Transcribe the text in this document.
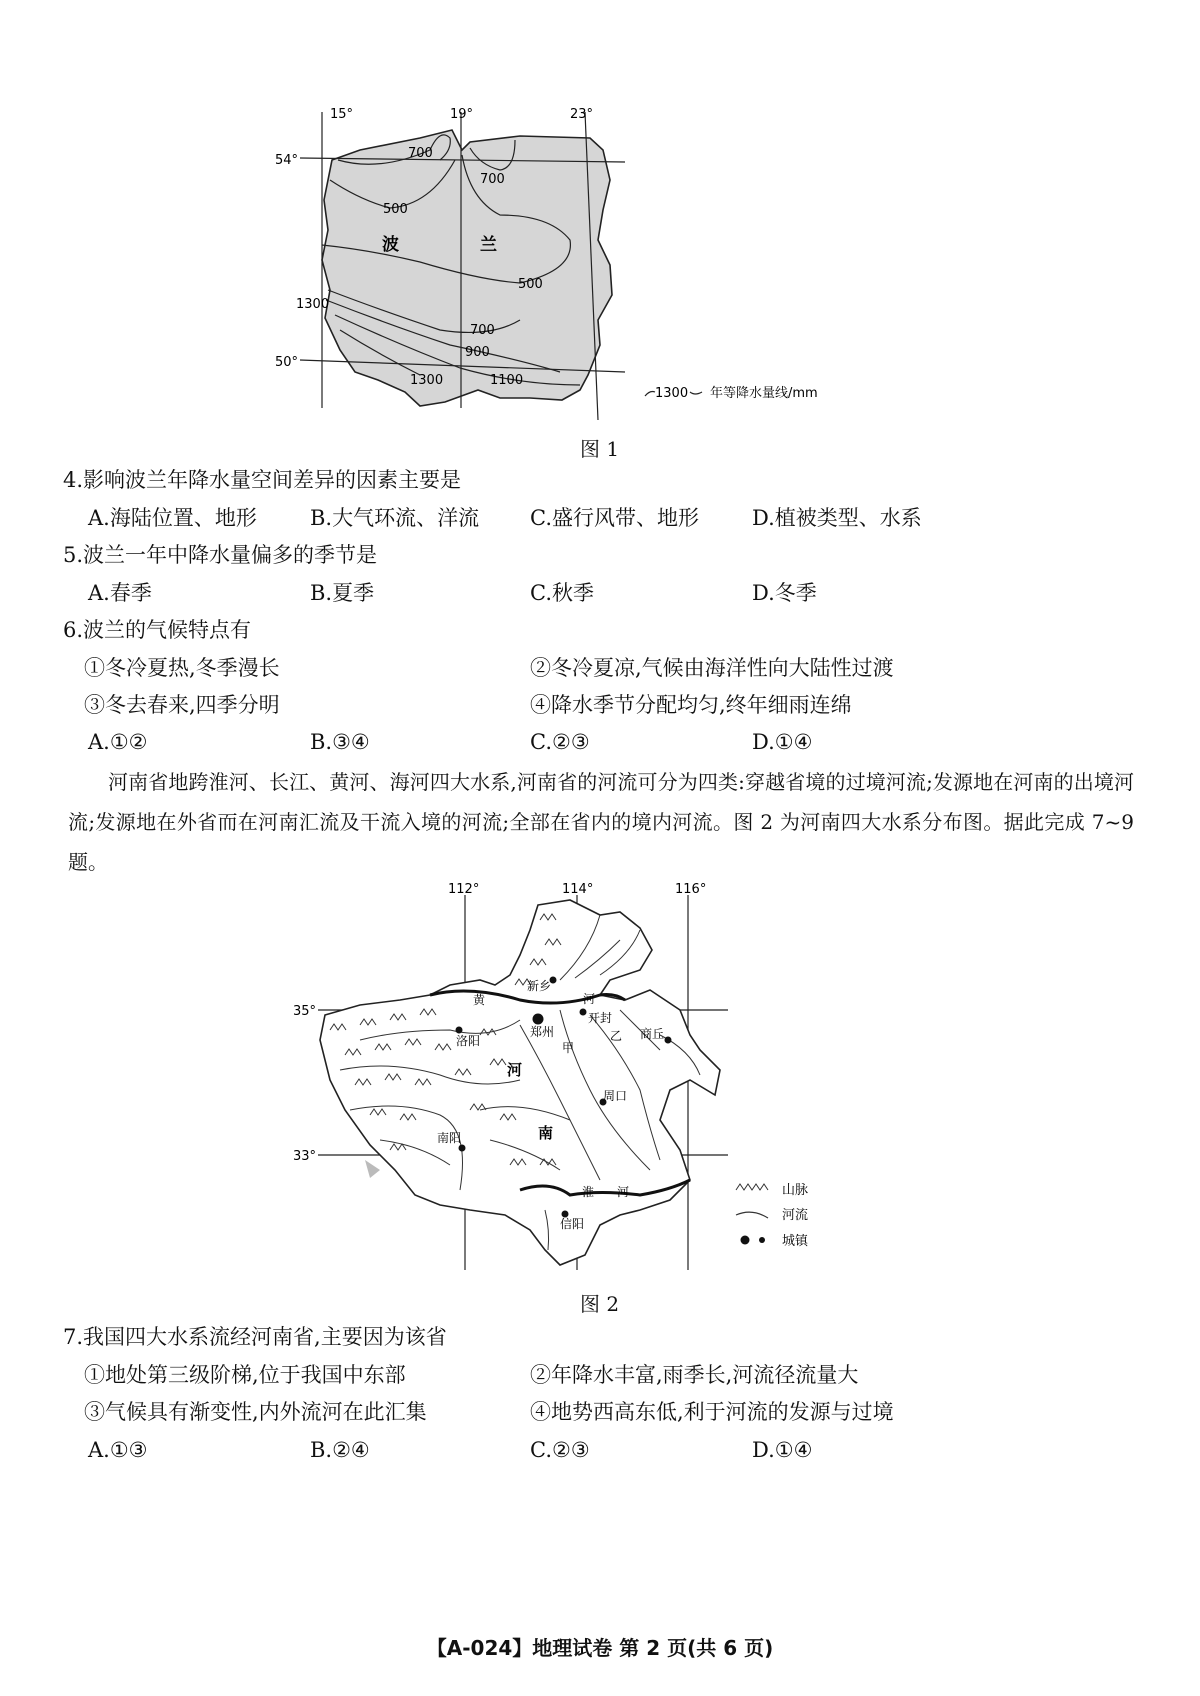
15°	19°	23°
54°
50°
700
700
500
500
1300
700
900
1300	1100
波	兰
1300 年等降水量线/mm
图 1
4.影响波兰年降水量空间差异的因素主要是
A.海陆位置、地形	B.大气环流、洋流 C.盛行风带、地形	D.植被类型、水系
5.波兰一年中降水量偏多的季节是
A.春季	B.夏季	C.秋季	D.冬季
6.波兰的气候特点有
①冬冷夏热,冬季漫长	②冬冷夏凉,气候由海洋性向大陆性过渡
③冬去春来,四季分明	④降水季节分配均匀,终年细雨连绵
A.①②	B.③④	C.②③	D.①④
河南省地跨淮河、长江、黄河、海河四大水系,河南省的河流可分为四类:穿越省境的过境河流;发源地在河南的出境河流;发源地在外省而在河南汇流及干流入境的河流;全部在省内的境内河流。图 2 为河南四大水系分布图。据此完成 7~9 题。
新乡
郑州
开封
商丘
洛阳
周口
南阳
信阳
甲
乙
黄	河
淮 河
河
南
112°	114°	116°
35°
33°
山脉
河流
城镇
图 2
7.我国四大水系流经河南省,主要因为该省
①地处第三级阶梯,位于我国中东部	②年降水丰富,雨季长,河流径流量大
③气候具有渐变性,内外流河在此汇集	④地势西高东低,利于河流的发源与过境
A.①③	B.②④	C.②③	D.①④
【A-024】地理试卷 第 2 页(共 6 页)
